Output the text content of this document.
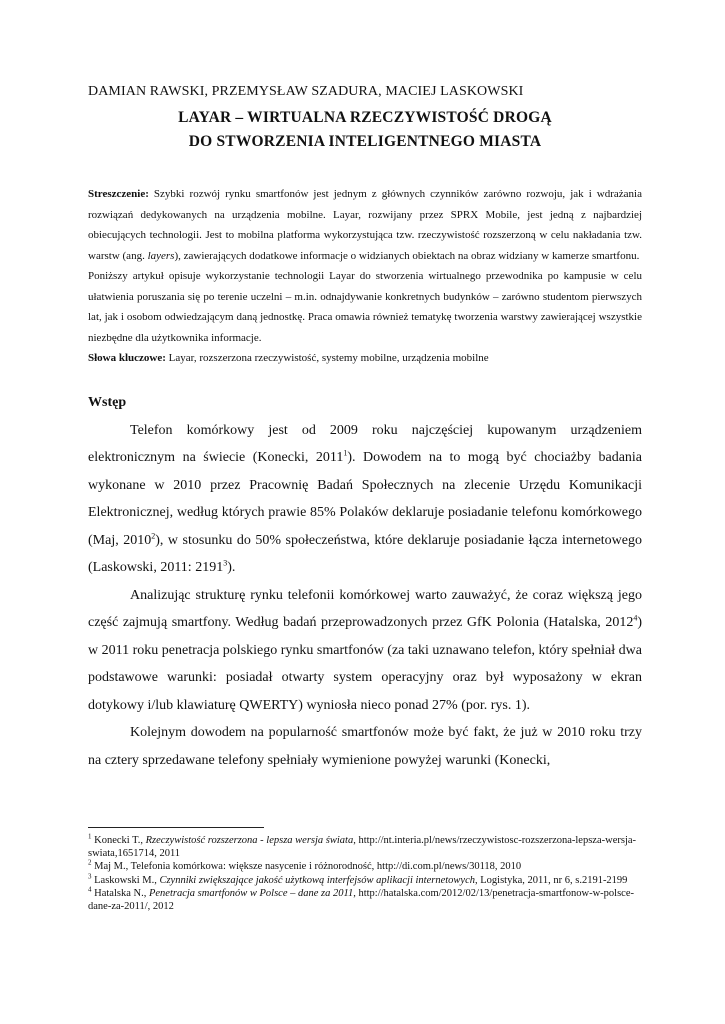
DAMIAN RAWSKI, PRZEMYSŁAW SZADURA, MACIEJ LASKOWSKI

LAYAR – WIRTUALNA RZECZYWISTOŚĆ DROGĄ
DO STWORZENIA INTELIGENTNEGO MIASTA

Streszczenie: Szybki rozwój rynku smartfonów jest jednym z głównych czynników zarówno rozwoju, jak i wdrażania rozwiązań dedykowanych na urządzenia mobilne. Layar, rozwijany przez SPRX Mobile, jest jedną z najbardziej obiecujących technologii. Jest to mobilna platforma wykorzystująca tzw. rzeczywistość rozszerzoną w celu nakładania tzw. warstw (ang. layers), zawierających dodatkowe informacje o widzianych obiektach na obraz widziany w kamerze smartfonu.

Poniższy artykuł opisuje wykorzystanie technologii Layar do stworzenia wirtualnego przewodnika po kampusie w celu ułatwienia poruszania się po terenie uczelni – m.in. odnajdywanie konkretnych budynków – zarówno studentom pierwszych lat, jak i osobom odwiedzającym daną jednostkę. Praca omawia również tematykę tworzenia warstwy zawierającej wszystkie niezbędne dla użytkownika informacje.

Słowa kluczowe: Layar, rozszerzona rzeczywistość, systemy mobilne, urządzenia mobilne

Wstęp

Telefon komórkowy jest od 2009 roku najczęściej kupowanym urządzeniem elektronicznym na świecie (Konecki, 2011$^1$). Dowodem na to mogą być chociażby badania wykonane w 2010 przez Pracownię Badań Społecznych na zlecenie Urzędu Komunikacji Elektronicznej, według których prawie 85% Polaków deklaruje posiadanie telefonu komórkowego (Maj, 2010$^2$), w stosunku do 50% społeczeństwa, które deklaruje posiadanie łącza internetowego (Laskowski, 2011: 2191$^3$).

Analizując strukturę rynku telefonii komórkowej warto zauważyć, że coraz większą jego część zajmują smartfony. Według badań przeprowadzonych przez GfK Polonia (Hatalska, 2012$^4$) w 2011 roku penetracja polskiego rynku smartfonów (za taki uznawano telefon, który spełniał dwa podstawowe warunki: posiadał otwarty system operacyjny oraz był wyposażony w ekran dotykowy i/lub klawiaturę QWERTY) wyniosła nieco ponad 27% (por. rys. 1).

Kolejnym dowodem na popularność smartfonów może być fakt, że już w 2010 roku trzy na cztery sprzedawane telefony spełniały wymienione powyżej warunki (Konecki,

$^1$ Konecki T., Rzeczywistość rozszerzona - lepsza wersja świata, http://nt.interia.pl/news/rzeczywistosc-rozszerzona-lepsza-wersja-swiata,1651714, 2011

$^2$ Maj M., Telefonia komórkowa: większe nasycenie i różnorodność, http://di.com.pl/news/30118, 2010

$^3$ Laskowski M., Czynniki zwiększające jakość użytkową interfejsów aplikacji internetowych, Logistyka, 2011, nr 6, s.2191-2199

$^4$ Hatalska N., Penetracja smartfonów w Polsce – dane za 2011, http://hatalska.com/2012/02/13/penetracja-smartfonow-w-polsce-dane-za-2011/, 2012
